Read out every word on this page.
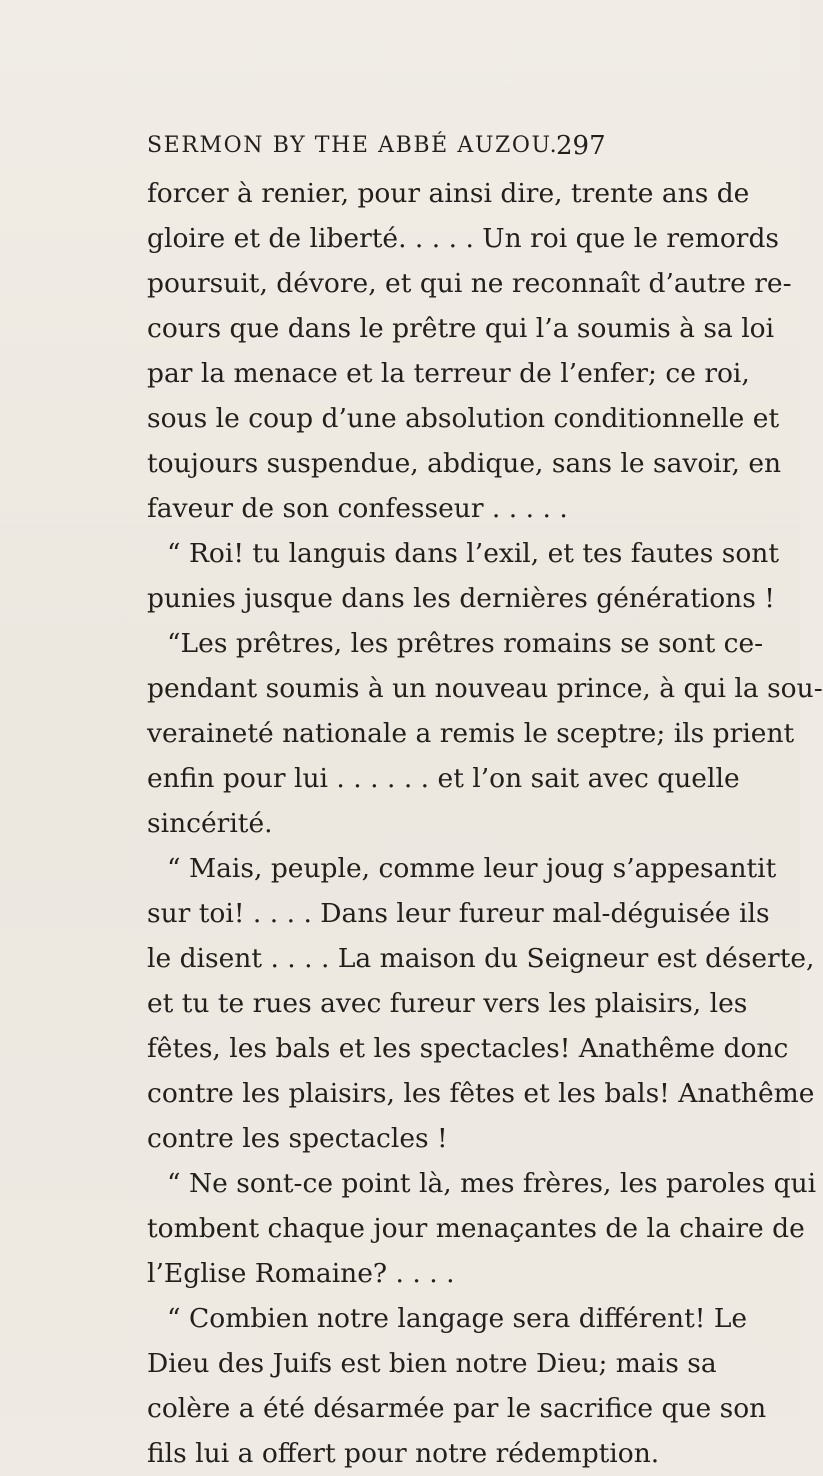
SERMON BY THE ABBÉ AUZOU.
297
forcer à renier, pour ainsi dire, trente ans de
gloire et de liberté. . . . . Un roi que le remords
poursuit, dévore, et qui ne reconnaît d’autre re-
cours que dans le prêtre qui l’a soumis à sa loi
par la menace et la terreur de l’enfer; ce roi,
sous le coup d’une absolution conditionnelle et
toujours suspendue, abdique, sans le savoir, en
faveur de son confesseur . . . . .
“ Roi! tu languis dans l’exil, et tes fautes sont
punies jusque dans les dernières générations !
“Les prêtres, les prêtres romains se sont ce-
pendant soumis à un nouveau prince, à qui la sou-
veraineté nationale a remis le sceptre; ils prient
enfin pour lui . . . . . . et l’on sait avec quelle
sincérité.
“ Mais, peuple, comme leur joug s’appesantit
sur toi! . . . . Dans leur fureur mal-déguisée ils
le disent . . . . La maison du Seigneur est déserte,
et tu te rues avec fureur vers les plaisirs, les
fêtes, les bals et les spectacles! Anathême donc
contre les plaisirs, les fêtes et les bals! Anathême
contre les spectacles !
“ Ne sont-ce point là, mes frères, les paroles qui
tombent chaque jour menaçantes de la chaire de
l’Eglise Romaine? . . . .
“ Combien notre langage sera différent! Le
Dieu des Juifs est bien notre Dieu; mais sa
colère a été désarmée par le sacrifice que son
fils lui a offert pour notre rédemption.
